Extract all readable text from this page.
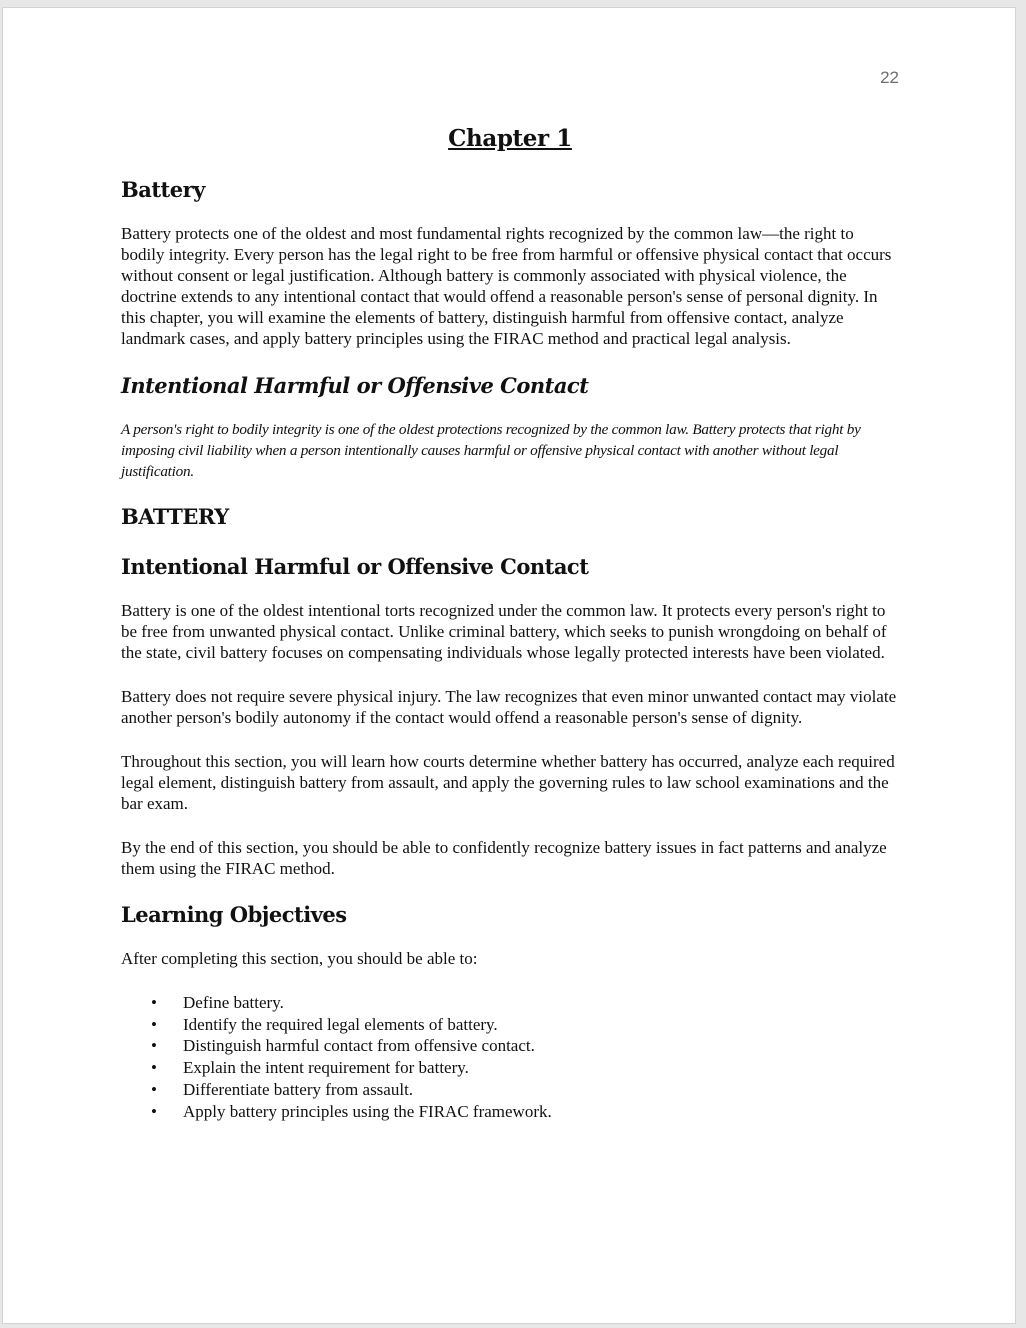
22
Chapter 1
Battery

Battery protects one of the oldest and most fundamental rights recognized by the common law—the right to bodily integrity. Every person has the legal right to be free from harmful or offensive physical contact that occurs without consent or legal justification. Although battery is commonly associated with physical violence, the doctrine extends to any intentional contact that would offend a reasonable person's sense of personal dignity. In this chapter, you will examine the elements of battery, distinguish harmful from offensive contact, analyze landmark cases, and apply battery principles using the FIRAC method and practical legal analysis.

Intentional Harmful or Offensive Contact

A person's right to bodily integrity is one of the oldest protections recognized by the common law. Battery protects that right by imposing civil liability when a person intentionally causes harmful or offensive physical contact with another without legal justification.

BATTERY
Intentional Harmful or Offensive Contact

Battery is one of the oldest intentional torts recognized under the common law. It protects every person's right to be free from unwanted physical contact. Unlike criminal battery, which seeks to punish wrongdoing on behalf of the state, civil battery focuses on compensating individuals whose legally protected interests have been violated.

Battery does not require severe physical injury. The law recognizes that even minor unwanted contact may violate another person's bodily autonomy if the contact would offend a reasonable person's sense of dignity.

Throughout this section, you will learn how courts determine whether battery has occurred, analyze each required legal element, distinguish battery from assault, and apply the governing rules to law school examinations and the bar exam.

By the end of this section, you should be able to confidently recognize battery issues in fact patterns and analyze them using the FIRAC method.

Learning Objectives

After completing this section, you should be able to:

• Define battery.
• Identify the required legal elements of battery.
• Distinguish harmful contact from offensive contact.
• Explain the intent requirement for battery.
• Differentiate battery from assault.
• Apply battery principles using the FIRAC framework.
